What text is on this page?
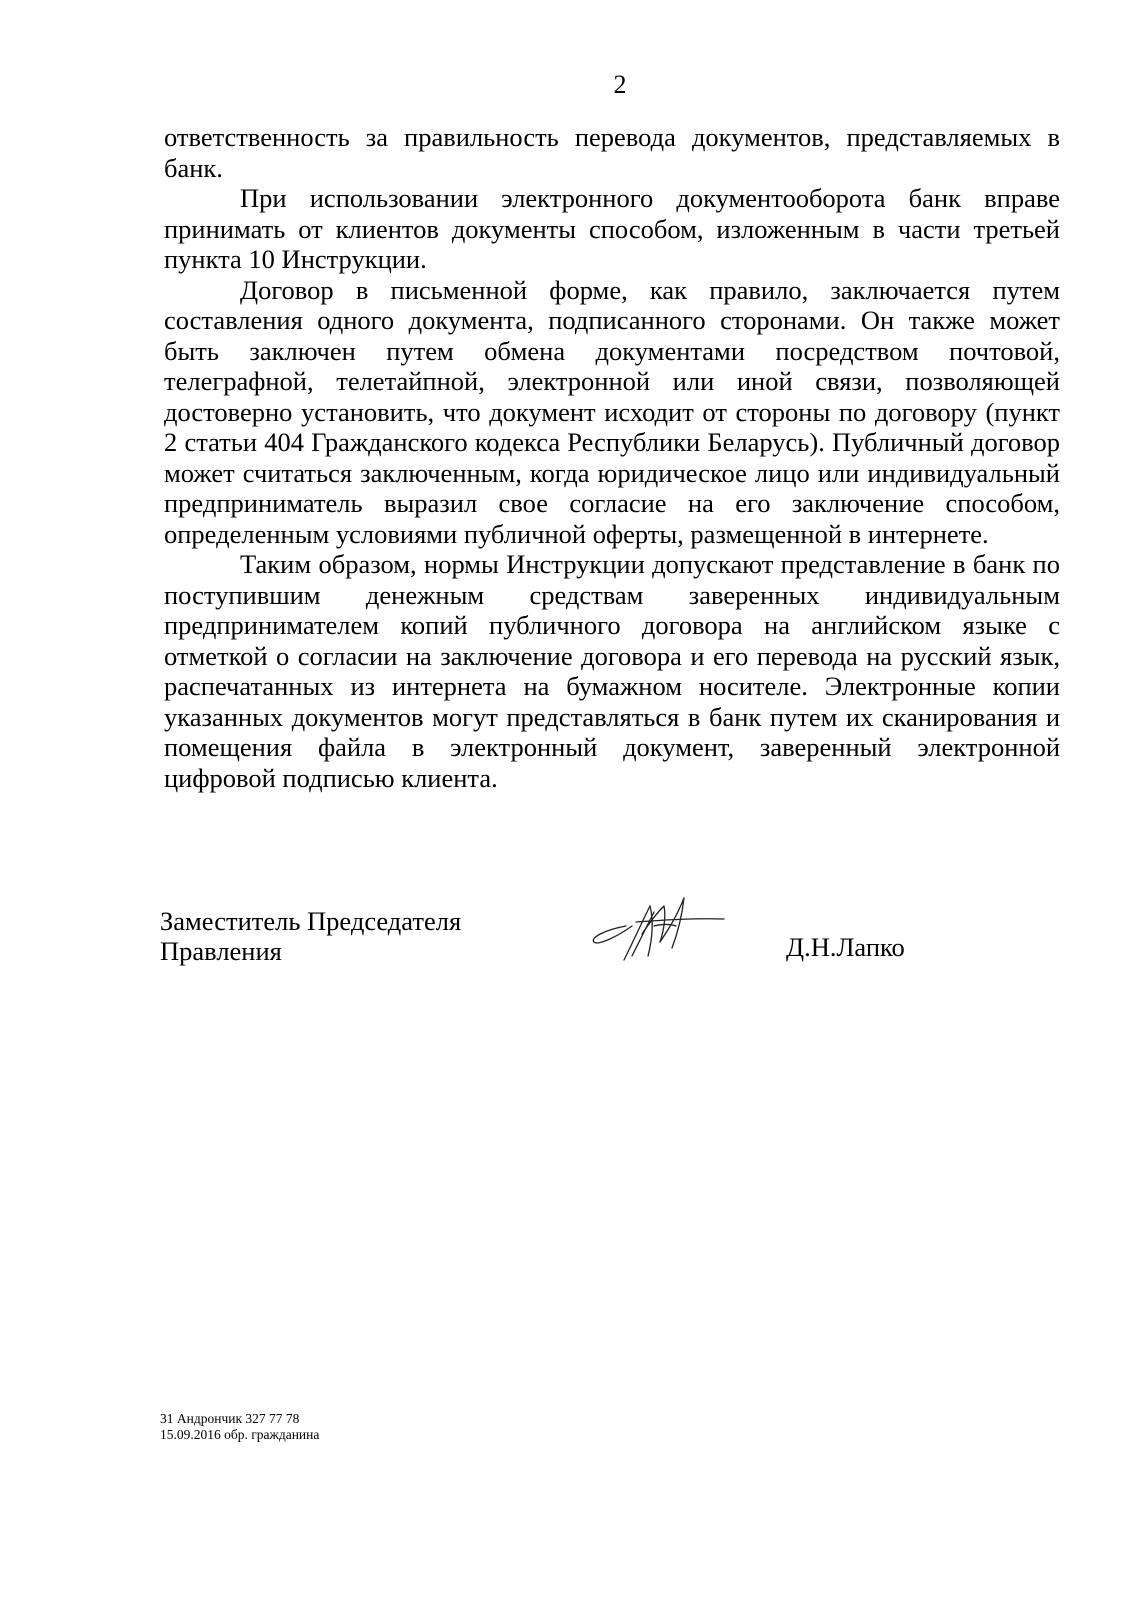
2

ответственность за правильность перевода документов, представляемых в банк.

При использовании электронного документооборота банк вправе принимать от клиентов документы способом, изложенным в части третьей пункта 10 Инструкции.

Договор в письменной форме, как правило, заключается путем составления одного документа, подписанного сторонами. Он также может быть заключен путем обмена документами посредством почтовой, телеграфной, телетайпной, электронной или иной связи, позволяющей достоверно установить, что документ исходит от стороны по договору (пункт 2 статьи 404 Гражданского кодекса Республики Беларусь). Публичный договор может считаться заключенным, когда юридическое лицо или индивидуальный предприниматель выразил свое согласие на его заключение способом, определенным условиями публичной оферты, размещенной в интернете.

Таким образом, нормы Инструкции допускают представление в банк по поступившим денежным средствам заверенных индивидуальным предпринимателем копий публичного договора на английском языке с отметкой о согласии на заключение договора и его перевода на русский язык, распечатанных из интернета на бумажном носителе. Электронные копии указанных документов могут представляться в банк путем их сканирования и помещения файла в электронный документ, заверенный электронной цифровой подписью клиента.

Заместитель Председателя
Правления	Д.Н.Лапко
31 Андрончик 327 77 78
15.09.2016 обр. гражданина
